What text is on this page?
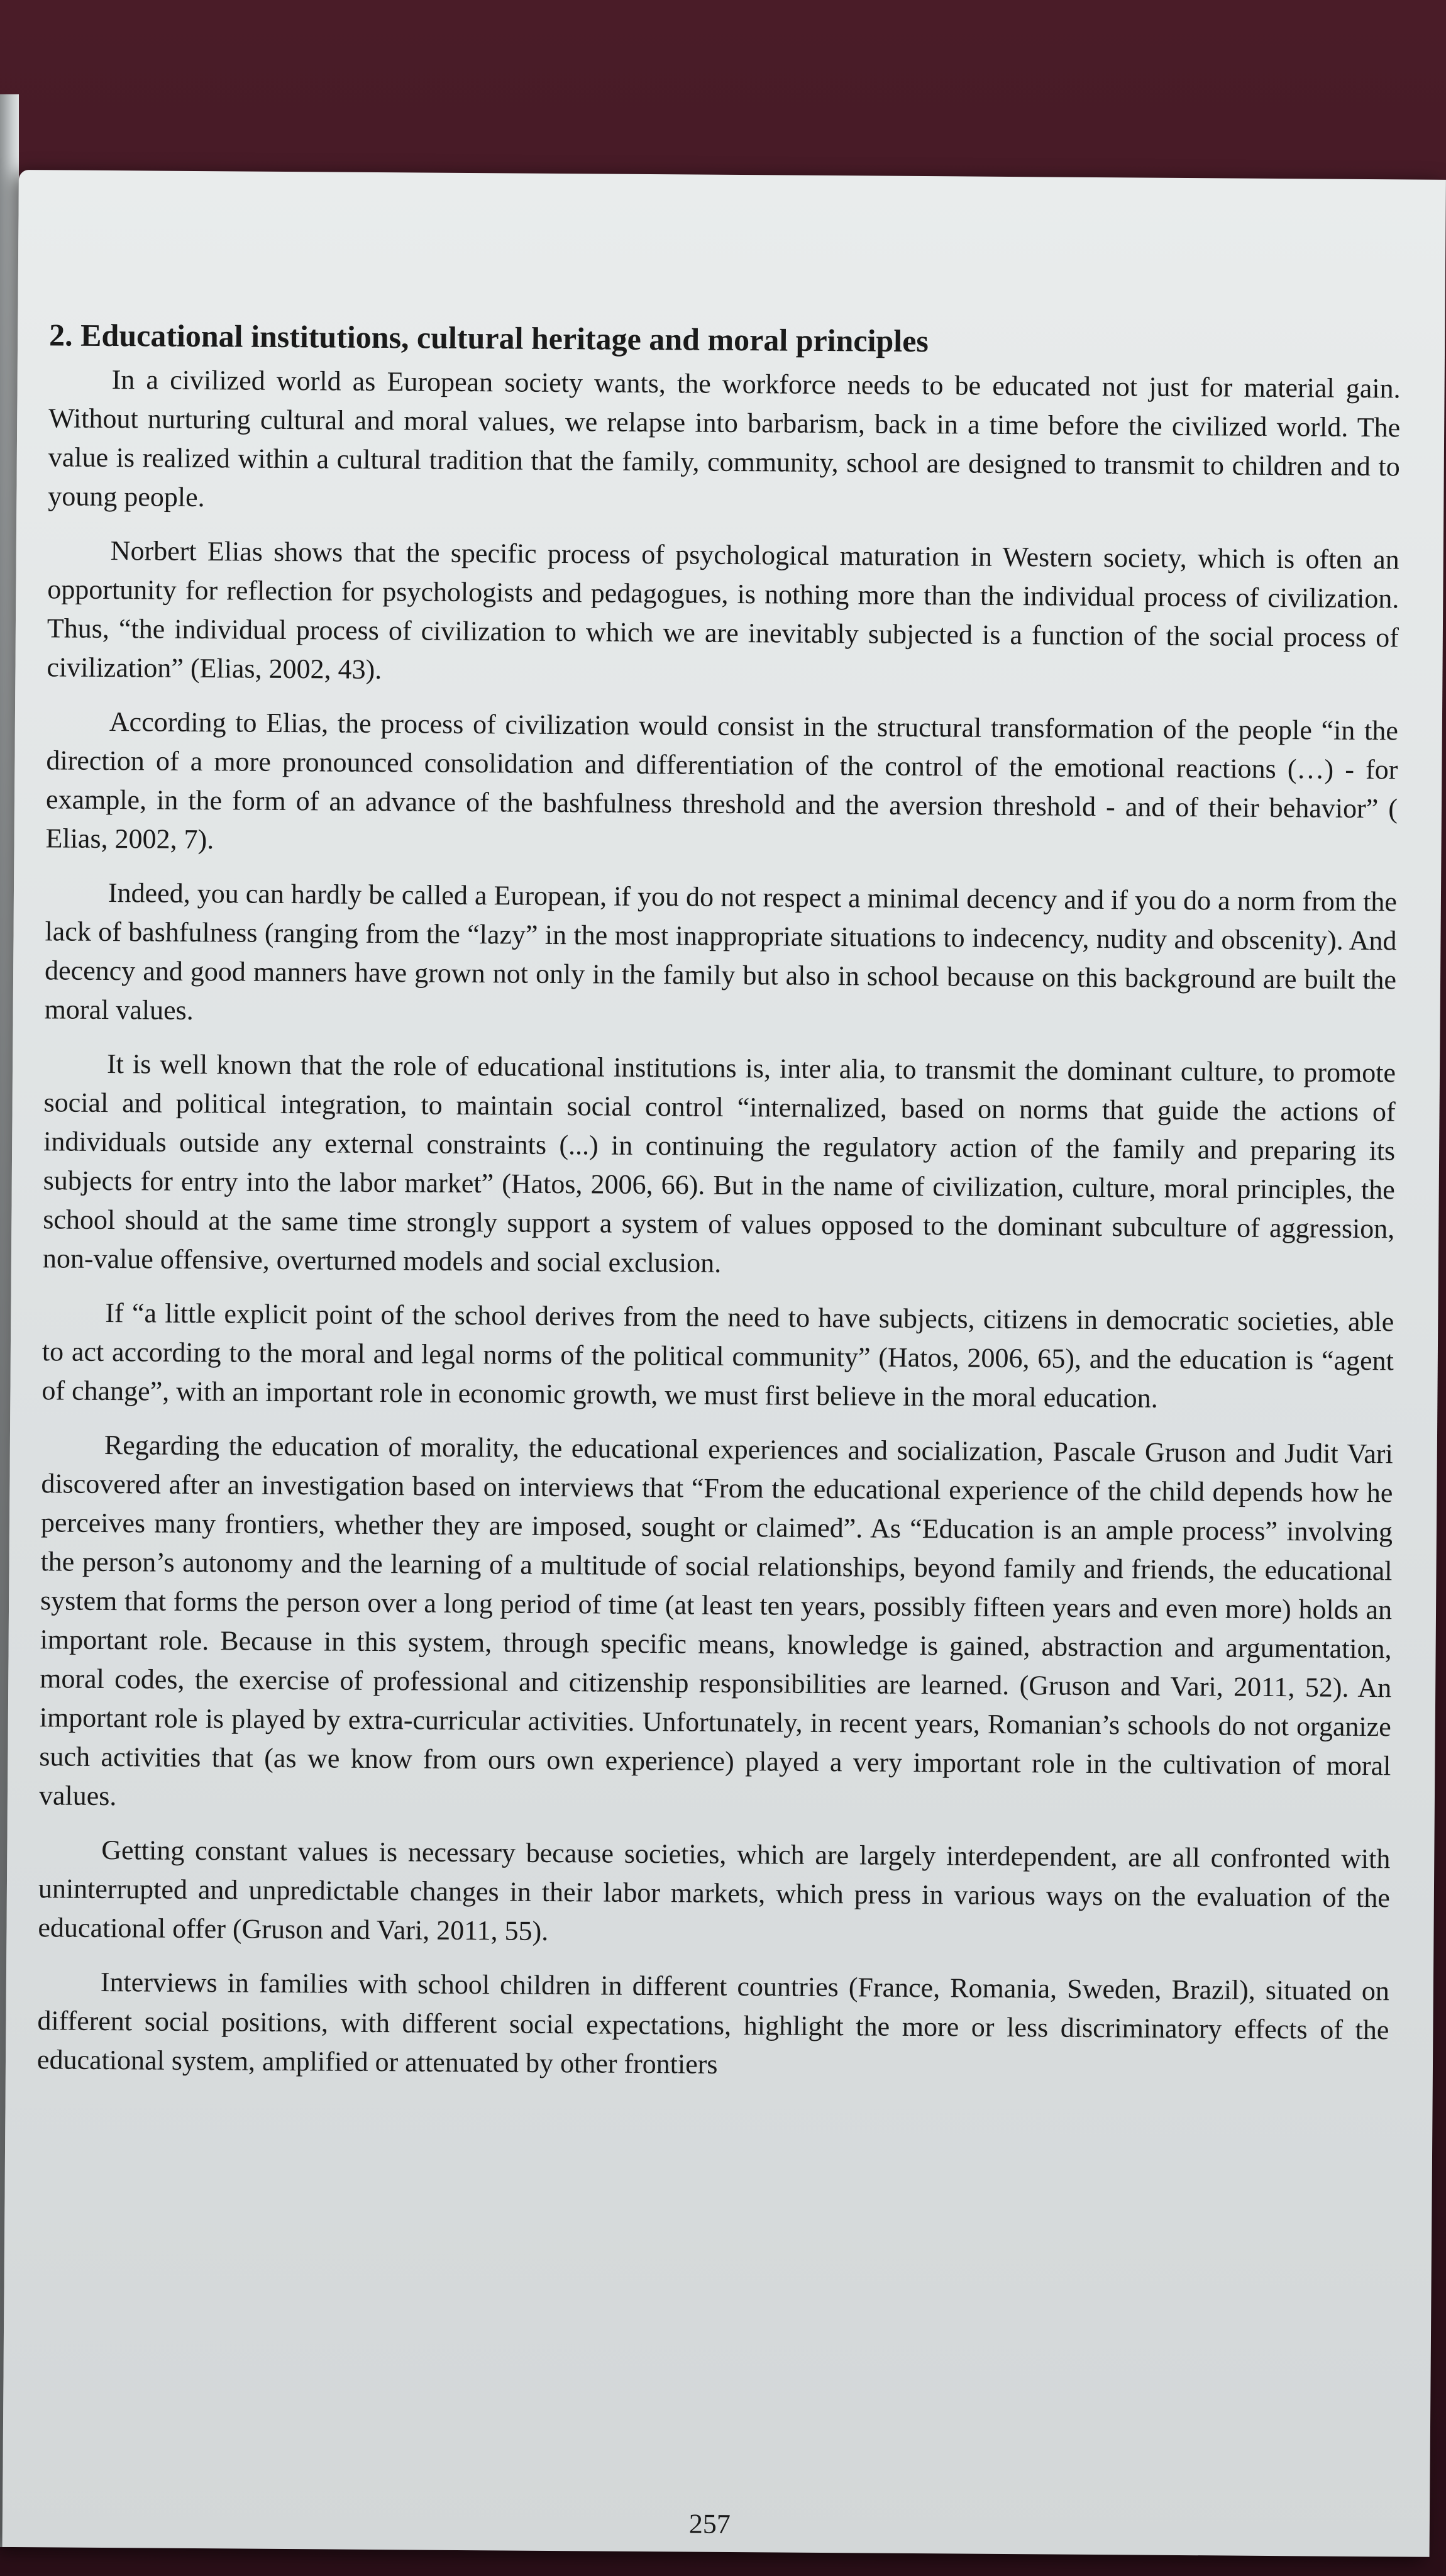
2. Educational institutions, cultural heritage and moral principles

In a civilized world as European society wants, the workforce needs to be educated not just for material gain. Without nurturing cultural and moral values, we relapse into barbarism, back in a time before the civilized world. The value is realized within a cultural tradition that the family, community, school are designed to transmit to children and to young people.

Norbert Elias shows that the specific process of psychological maturation in Western society, which is often an opportunity for reflection for psychologists and pedagogues, is nothing more than the individual process of civilization. Thus, “the individual process of civilization to which we are inevitably subjected is a function of the social process of civilization” (Elias, 2002, 43).

According to Elias, the process of civilization would consist in the structural transformation of the people “in the direction of a more pronounced consolidation and differentiation of the control of the emotional reactions (…) - for example, in the form of an advance of the bashfulness threshold and the aversion threshold - and of their behavior” ( Elias, 2002, 7).

Indeed, you can hardly be called a European, if you do not respect a minimal decency and if you do a norm from the lack of bashfulness (ranging from the “lazy” in the most inappropriate situations to indecency, nudity and obscenity). And decency and good manners have grown not only in the family but also in school because on this background are built the moral values.

It is well known that the role of educational institutions is, inter alia, to transmit the dominant culture, to promote social and political integration, to maintain social control “internalized, based on norms that guide the actions of individuals outside any external constraints (...) in continuing the regulatory action of the family and preparing its subjects for entry into the labor market” (Hatos, 2006, 66). But in the name of civilization, culture, moral principles, the school should at the same time strongly support a system of values opposed to the dominant subculture of aggression, non-value offensive, overturned models and social exclusion.

If “a little explicit point of the school derives from the need to have subjects, citizens in democratic societies, able to act according to the moral and legal norms of the political community” (Hatos, 2006, 65), and the education is “agent of change”, with an important role in economic growth, we must first believe in the moral education.

Regarding the education of morality, the educational experiences and socialization, Pascale Gruson and Judit Vari discovered after an investigation based on interviews that “From the educational experience of the child depends how he perceives many frontiers, whether they are imposed, sought or claimed”. As “Education is an ample process” involving the person’s autonomy and the learning of a multitude of social relationships, beyond family and friends, the educational system that forms the person over a long period of time (at least ten years, possibly fifteen years and even more) holds an important role. Because in this system, through specific means, knowledge is gained, abstraction and argumentation, moral codes, the exercise of professional and citizenship responsibilities are learned. (Gruson and Vari, 2011, 52). An important role is played by extra-curricular activities. Unfortunately, in recent years, Romanian’s schools do not organize such activities that (as we know from ours own experience) played a very important role in the cultivation of moral values.

Getting constant values is necessary because societies, which are largely interdependent, are all confronted with uninterrupted and unpredictable changes in their labor markets, which press in various ways on the evaluation of the educational offer (Gruson and Vari, 2011, 55).

Interviews in families with school children in different countries (France, Romania, Sweden, Brazil), situated on different social positions, with different social expectations, highlight the more or less discriminatory effects of the educational system, amplified or attenuated by other frontiers

257
